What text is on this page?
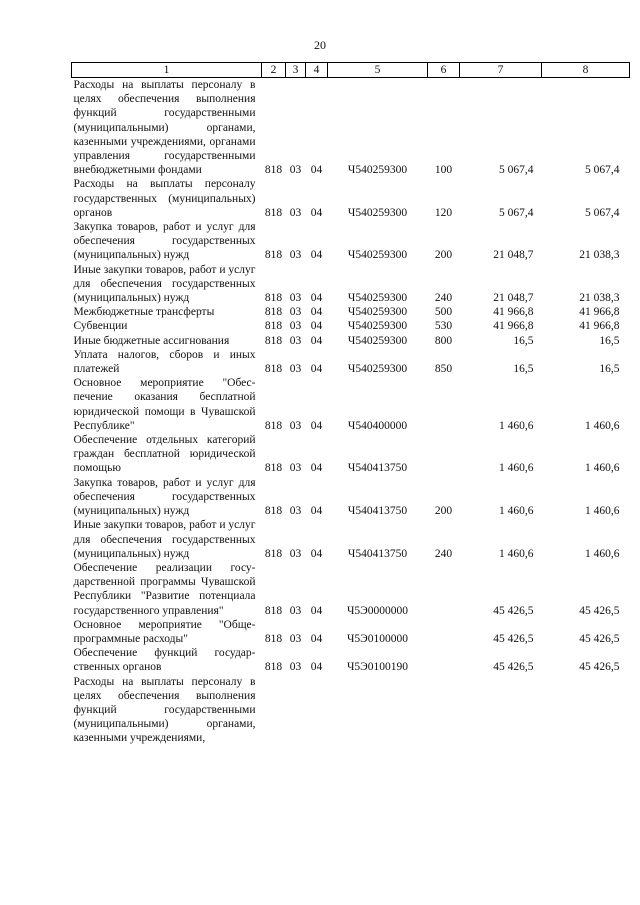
20
1	2	3	4	5	6	7	8
Расходы на выплаты персоналу в целях обеспечения выполнения функций государственными (муниципальными) органами, казенными учреждениями, органами управления государственными внебюджетными фондами	818	03	04	Ч540259300	100	5 067,4	5 067,4
Расходы на выплаты персоналу государственных (муниципальных) органов	818	03	04	Ч540259300	120	5 067,4	5 067,4
Закупка товаров, работ и услуг для обеспечения государственных (муниципальных) нужд	818	03	04	Ч540259300	200	21 048,7	21 038,3
Иные закупки товаров, работ и услуг для обеспечения государственных (муниципальных) нужд	818	03	04	Ч540259300	240	21 048,7	21 038,3
Межбюджетные трансферты	818	03	04	Ч540259300	500	41 966,8	41 966,8
Субвенции	818	03	04	Ч540259300	530	41 966,8	41 966,8
Иные бюджетные ассигнования	818	03	04	Ч540259300	800	16,5	16,5
Уплата налогов, сборов и иных платежей	818	03	04	Ч540259300	850	16,5	16,5
Основное мероприятие "Обеспечение оказания бесплатной юридической помощи в Чувашской Республике"	818	03	04	Ч540400000		1 460,6	1 460,6
Обеспечение отдельных категорий граждан бесплатной юридической помощью	818	03	04	Ч540413750		1 460,6	1 460,6
Закупка товаров, работ и услуг для обеспечения государственных (муниципальных) нужд	818	03	04	Ч540413750	200	1 460,6	1 460,6
Иные закупки товаров, работ и услуг для обеспечения государственных (муниципальных) нужд	818	03	04	Ч540413750	240	1 460,6	1 460,6
Обеспечение реализации государственной программы Чувашской Республики "Развитие потенциала государственного управления"	818	03	04	Ч5Э0000000		45 426,5	45 426,5
Основное мероприятие "Общепрограммные расходы"	818	03	04	Ч5Э0100000		45 426,5	45 426,5
Обеспечение функций государственных органов	818	03	04	Ч5Э0100190		45 426,5	45 426,5
Расходы на выплаты персоналу в целях обеспечения выполнения функций государственными (муниципальными) органами, казенными учреждениями,							
